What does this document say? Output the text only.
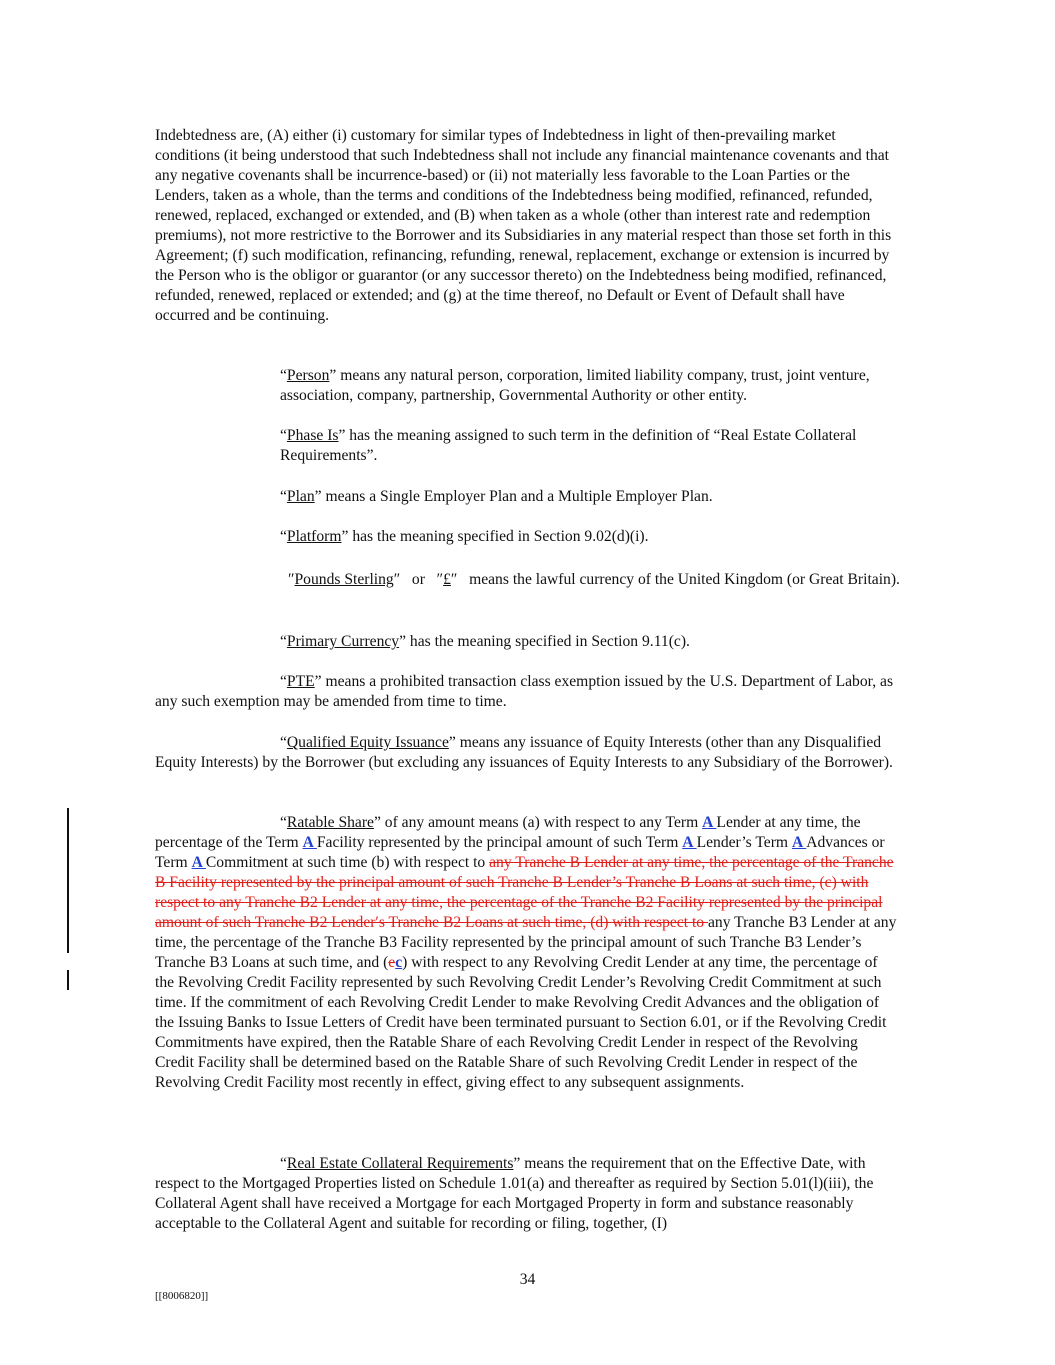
Indebtedness are, (A) either (i) customary for similar types of Indebtedness in light of then-prevailing market conditions (it being understood that such Indebtedness shall not include any financial maintenance covenants and that any negative covenants shall be incurrence-based) or (ii) not materially less favorable to the Loan Parties or the Lenders, taken as a whole, than the terms and conditions of the Indebtedness being modified, refinanced, refunded, renewed, replaced, exchanged or extended, and (B) when taken as a whole (other than interest rate and redemption premiums), not more restrictive to the Borrower and its Subsidiaries in any material respect than those set forth in this Agreement; (f) such modification, refinancing, refunding, renewal, replacement, exchange or extension is incurred by the Person who is the obligor or guarantor (or any successor thereto) on the Indebtedness being modified, refinanced, refunded, renewed, replaced or extended; and (g) at the time thereof, no Default or Event of Default shall have occurred and be continuing.

“Person” means any natural person, corporation, limited liability company, trust, joint venture, association, company, partnership, Governmental Authority or other entity.

“Phase Is” has the meaning assigned to such term in the definition of “Real Estate Collateral Requirements”.

“Plan” means a Single Employer Plan and a Multiple Employer Plan.

“Platform” has the meaning specified in Section 9.02(d)(i).

″Pounds Sterling″   or   ″£″   means the lawful currency of the United Kingdom (or Great Britain).

“Primary Currency” has the meaning specified in Section 9.11(c).

“PTE” means a prohibited transaction class exemption issued by the U.S. Department of Labor, as any such exemption may be amended from time to time.

“Qualified Equity Issuance” means any issuance of Equity Interests (other than any Disqualified Equity Interests) by the Borrower (but excluding any issuances of Equity Interests to any Subsidiary of the Borrower).

“Ratable Share” of any amount means (a) with respect to any Term A Lender at any time, the percentage of the Term A Facility represented by the principal amount of such Term A Lender’s Term A Advances or Term A Commitment at such time (b) with respect to any Tranche B Lender at any time, the percentage of the Tranche B Facility represented by the principal amount of such Tranche B Lender’s Tranche B Loans at such time, (c) with respect to any Tranche B2 Lender at any time, the percentage of the Tranche B2 Facility represented by the principal amount of such Tranche B2 Lender′s Tranche B2 Loans at such time, (d) with respect to any Tranche B3 Lender at any time, the percentage of the Tranche B3 Facility represented by the principal amount of such Tranche B3 Lender’s Tranche B3 Loans at such time, and (ec) with respect to any Revolving Credit Lender at any time, the percentage of the Revolving Credit Facility represented by such Revolving Credit Lender’s Revolving Credit Commitment at such time. If the commitment of each Revolving Credit Lender to make Revolving Credit Advances and the obligation of the Issuing Banks to Issue Letters of Credit have been terminated pursuant to Section 6.01, or if the Revolving Credit Commitments have expired, then the Ratable Share of each Revolving Credit Lender in respect of the Revolving Credit Facility shall be determined based on the Ratable Share of such Revolving Credit Lender in respect of the Revolving Credit Facility most recently in effect, giving effect to any subsequent assignments.

“Real Estate Collateral Requirements” means the requirement that on the Effective Date, with respect to the Mortgaged Properties listed on Schedule 1.01(a) and thereafter as required by Section 5.01(l)(iii), the Collateral Agent shall have received a Mortgage for each Mortgaged Property in form and substance reasonably acceptable to the Collateral Agent and suitable for recording or filing, together, (I)

34
[[8006820]]
